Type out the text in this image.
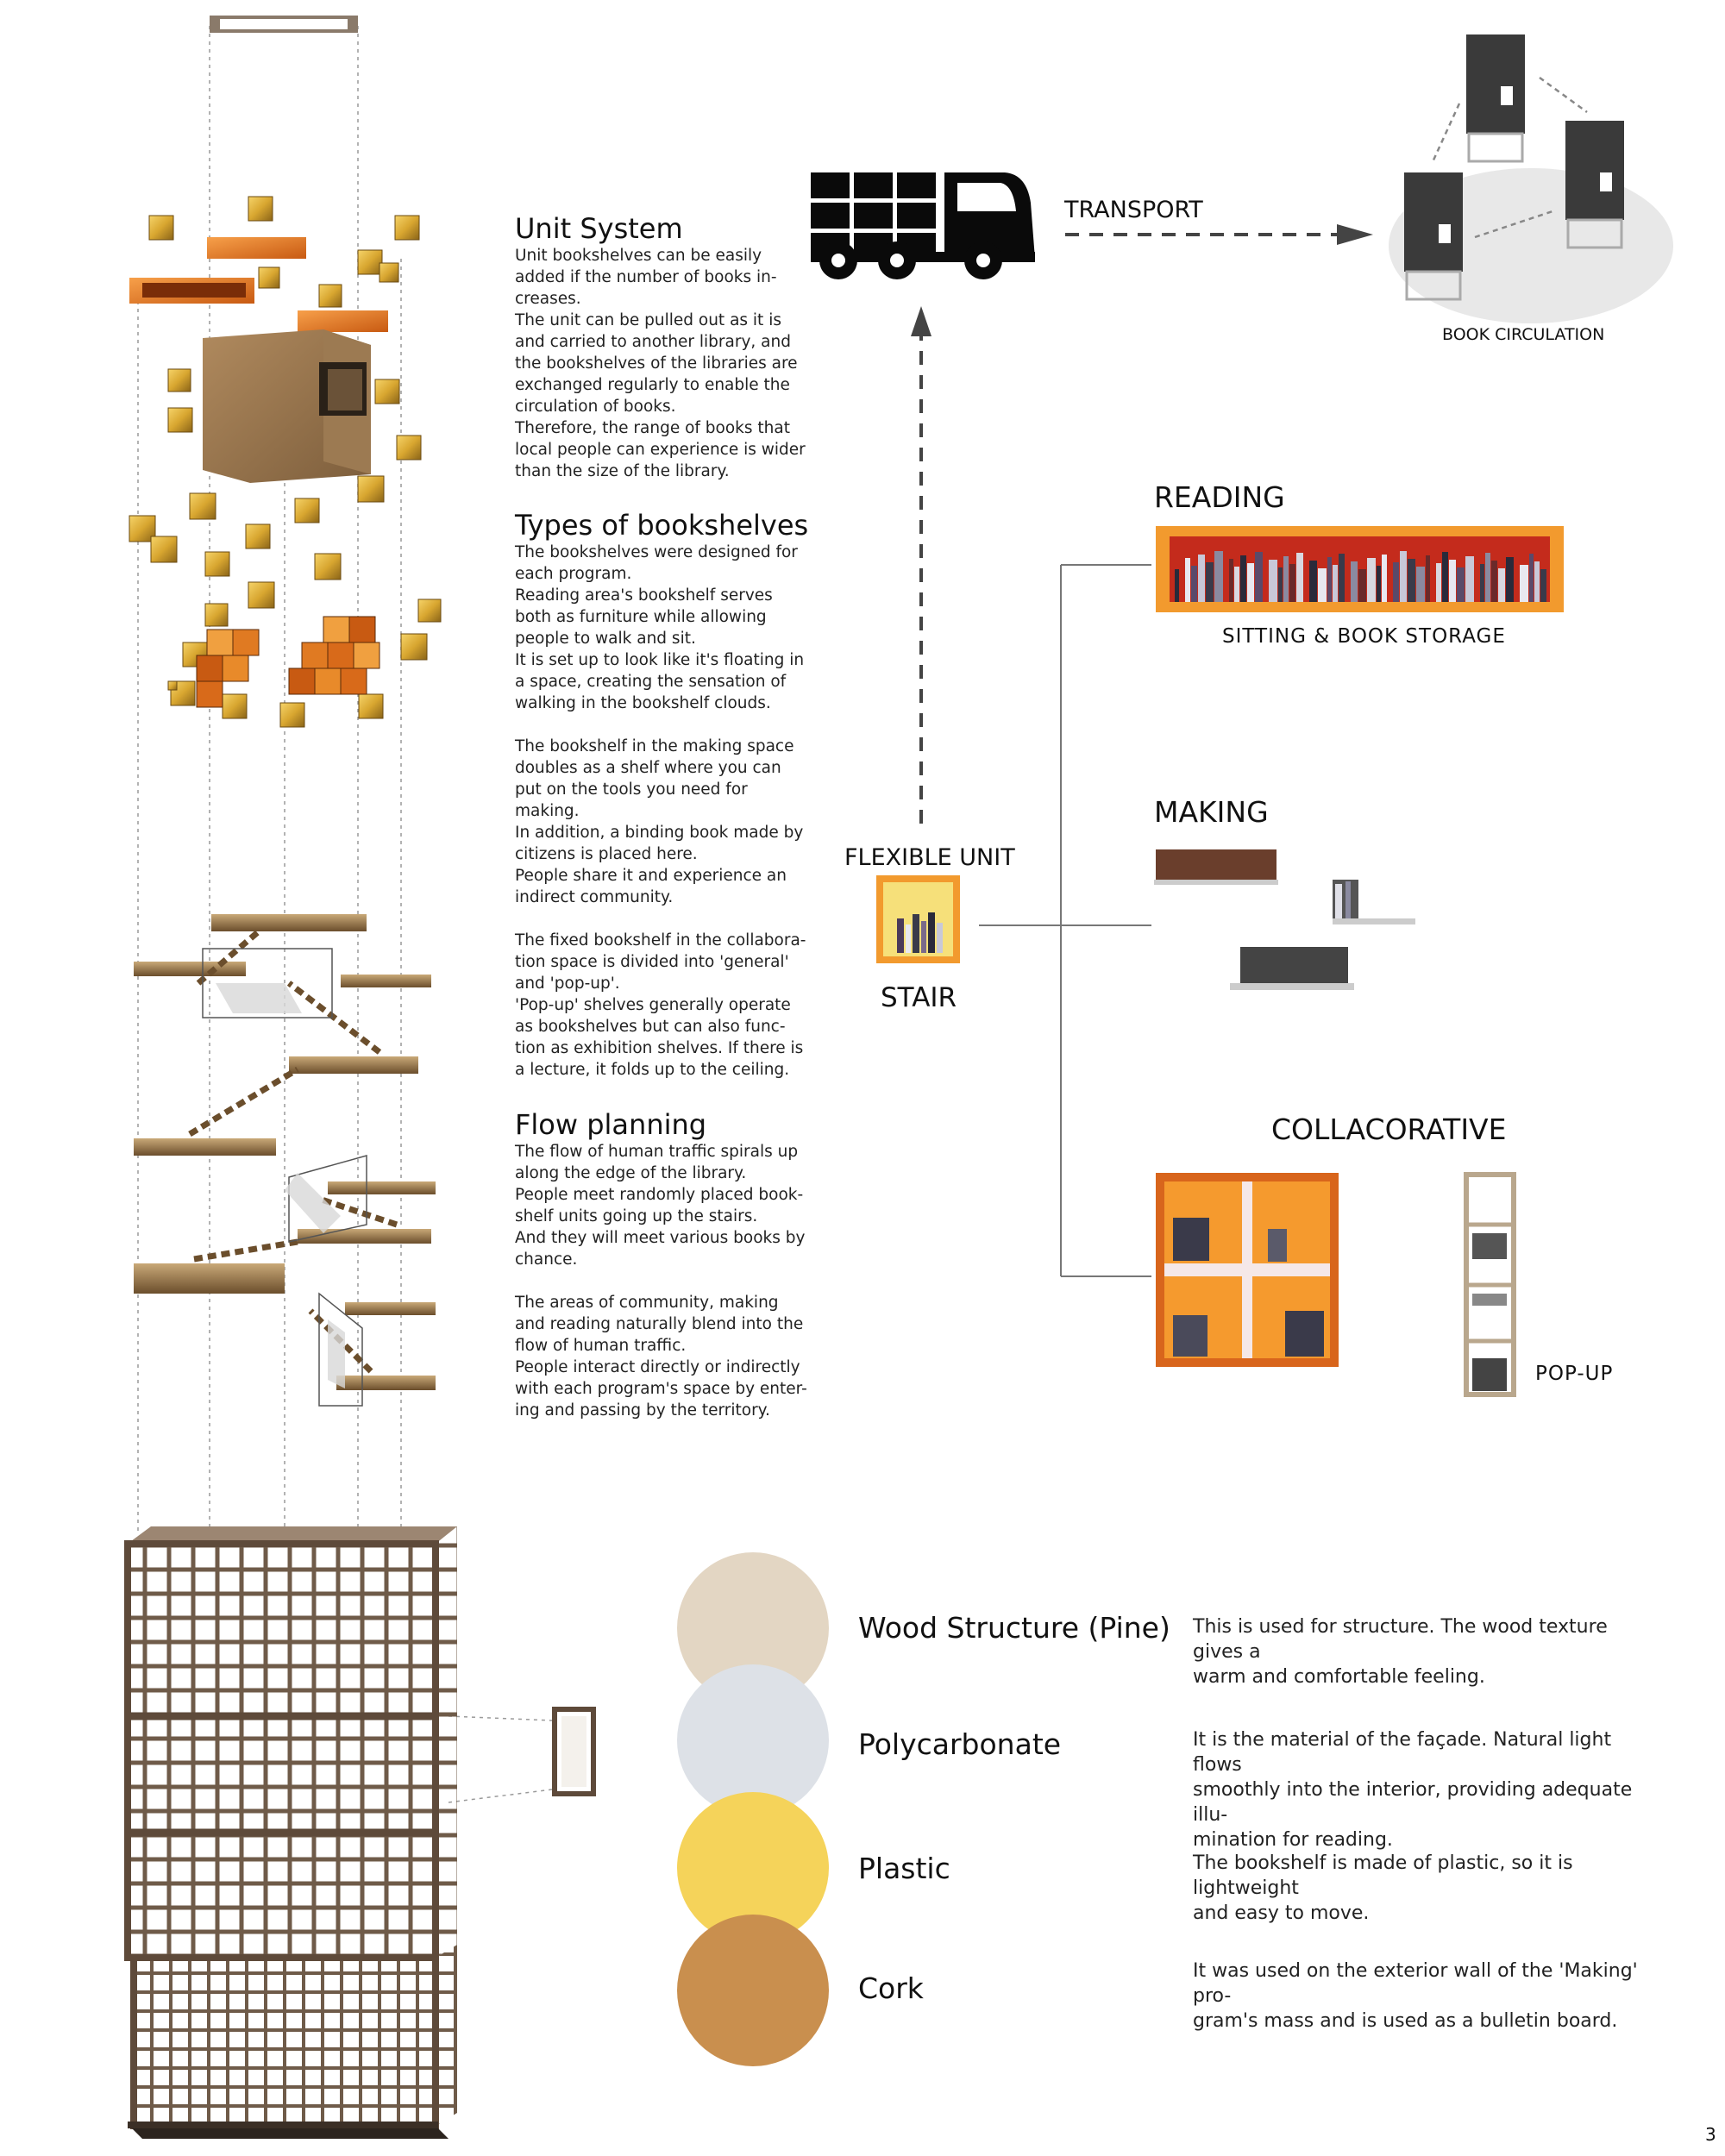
Unit System

Unit bookshelves can be easily

added if the number of books in-

creases.

The unit can be pulled out as it is

and carried to another library, and

the bookshelves of the libraries are

exchanged regularly to enable the

circulation of books.

Therefore, the range of books that

local people can experience is wider

than the size of the library.

Types of bookshelves

The bookshelves were designed for

each program.

Reading area's bookshelf serves

both as furniture while allowing

people to walk and sit.

It is set up to look like it's floating in

a space, creating the sensation of

walking in the bookshelf clouds.

The bookshelf in the making space

doubles as a shelf where you can

put on the tools you need for

making.

In addition, a binding book made by

citizens is placed here.

People share it and experience an

indirect community.

The fixed bookshelf in the collabora-

tion space is divided into 'general'

and 'pop-up'.

'Pop-up' shelves generally operate

as bookshelves but can also func-

tion as exhibition shelves. If there is

a lecture, it folds up to the ceiling.

Flow planning

The flow of human traffic spirals up

along the edge of the library.

People meet randomly placed book-

shelf units going up the stairs.

And they will meet various books by

chance.

The areas of community, making

and reading naturally blend into the

flow of human traffic.

People interact directly or indirectly

with each program's space by enter-

ing and passing by the territory.

TRANSPORT
BOOK CIRCULATION
FLEXIBLE UNIT
STAIR
READING
SITTING & BOOK STORAGE
MAKING
COLLACORATIVE
POP-UP
Wood Structure (Pine)
Polycarbonate
Plastic
Cork
This is used for structure. The wood texture gives a
warm and comfortable feeling.
It is the material of the façade. Natural light flows
smoothly into the interior, providing adequate illu-
mination for reading.
The bookshelf is made of plastic, so it is lightweight
and easy to move.
It was used on the exterior wall of the 'Making' pro-
gram's mass and is used as a bulletin board.
3
